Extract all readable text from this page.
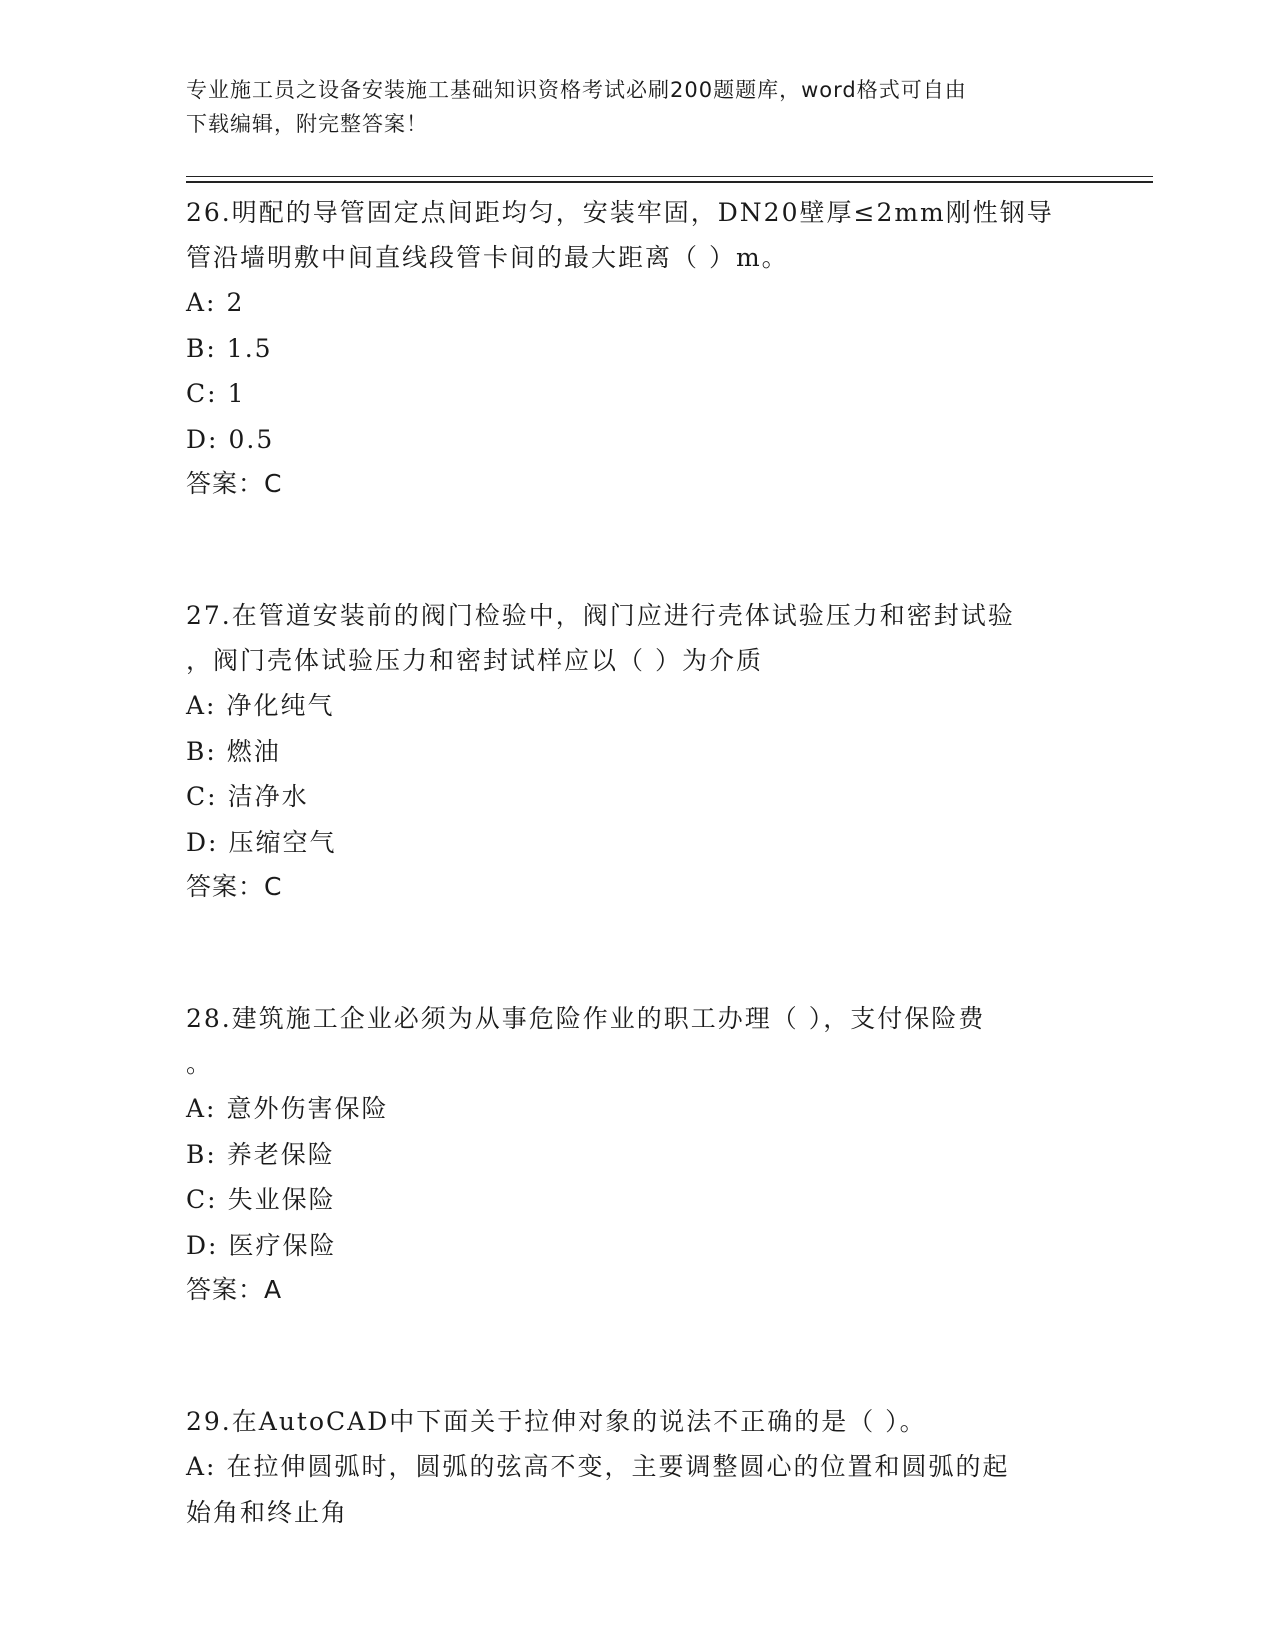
专业施工员之设备安装施工基础知识资格考试必刷200题题库，word格式可自由
下载编辑，附完整答案！
26.明配的导管固定点间距均匀，安装牢固，DN20壁厚≤2mm刚性钢导
管沿墙明敷中间直线段管卡间的最大距离（ ）m。
A: 2
B: 1.5
C: 1
D: 0.5
答案：C
27.在管道安装前的阀门检验中，阀门应进行壳体试验压力和密封试验
，阀门壳体试验压力和密封试样应以（ ）为介质
A: 净化纯气
B: 燃油
C: 洁净水
D: 压缩空气
答案：C
28.建筑施工企业必须为从事危险作业的职工办理（ ），支付保险费
。
A: 意外伤害保险
B: 养老保险
C: 失业保险
D: 医疗保险
答案：A
29.在AutoCAD中下面关于拉伸对象的说法不正确的是（ ）。
A: 在拉伸圆弧时，圆弧的弦高不变，主要调整圆心的位置和圆弧的起
始角和终止角
